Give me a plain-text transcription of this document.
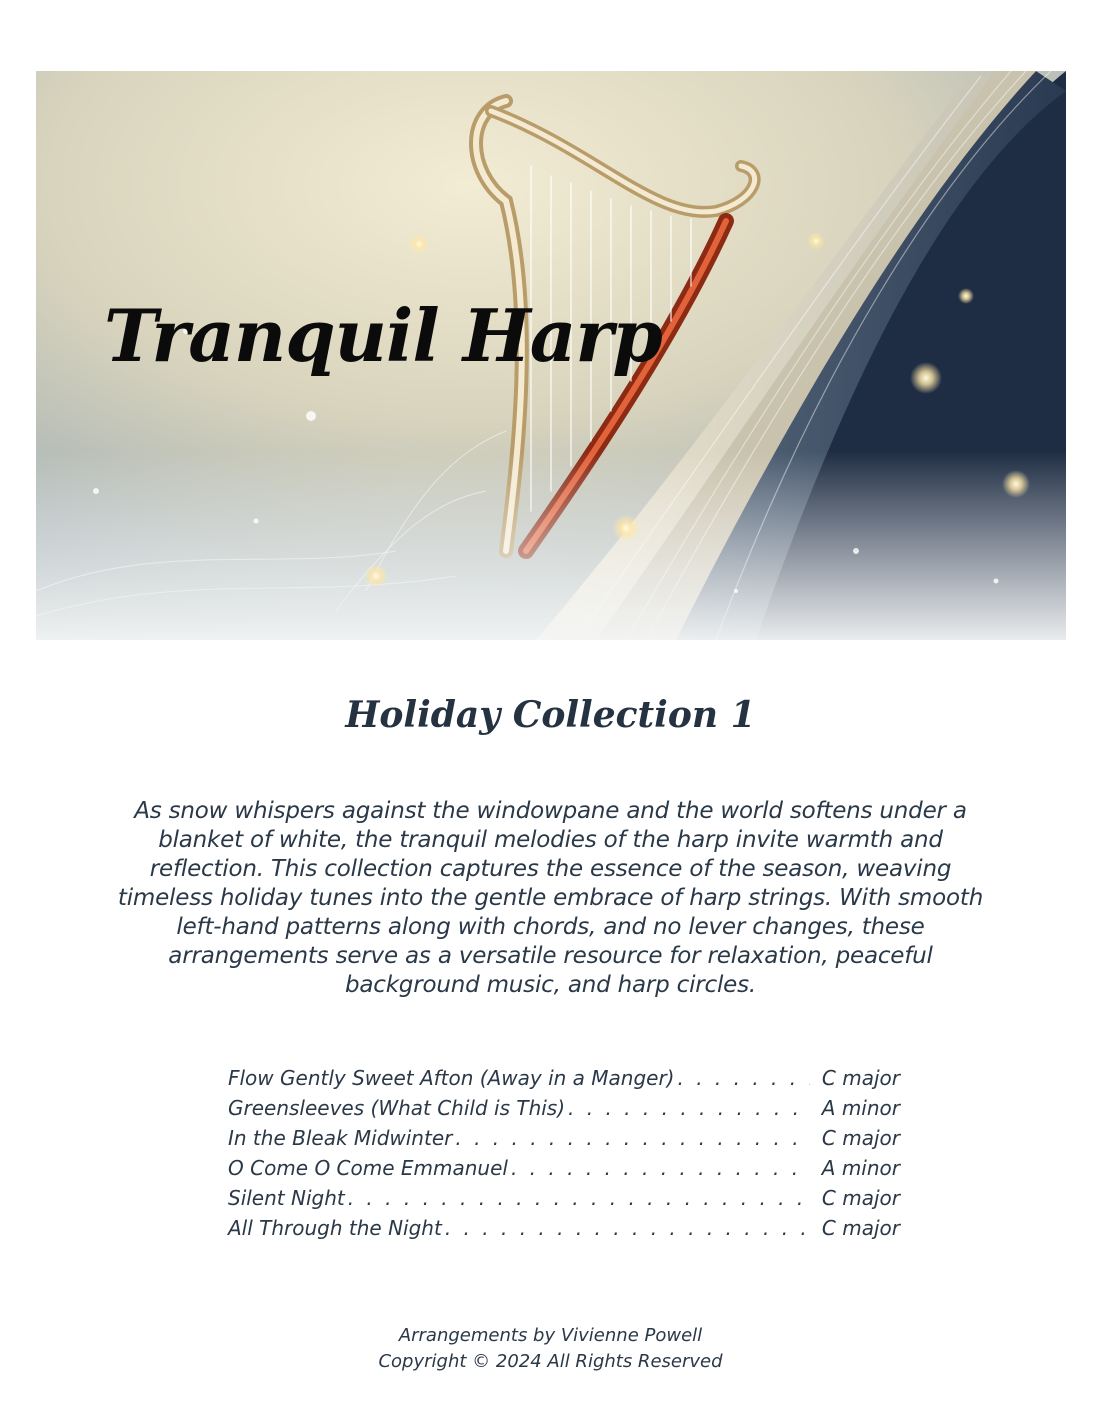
Tranquil Harp
Holiday Collection 1

As snow whispers against the windowpane and the world softens under a blanket of white, the tranquil melodies of the harp invite warmth and reflection. This collection captures the essence of the season, weaving timeless holiday tunes into the gentle embrace of harp strings. With smooth left-hand patterns along with chords, and no lever changes, these arrangements serve as a versatile resource for relaxation, peaceful background music, and harp circles.

Flow Gently Sweet Afton (Away in a Manger) . . .	C major
Greensleeves (What Child is This) . . .	A minor
In the Bleak Midwinter . . .	C major
O Come O Come Emmanuel . . .	A minor
Silent Night . . .	C major
All Through the Night . . .	C major
Arrangements by Vivienne Powell
Copyright © 2024 All Rights Reserved
